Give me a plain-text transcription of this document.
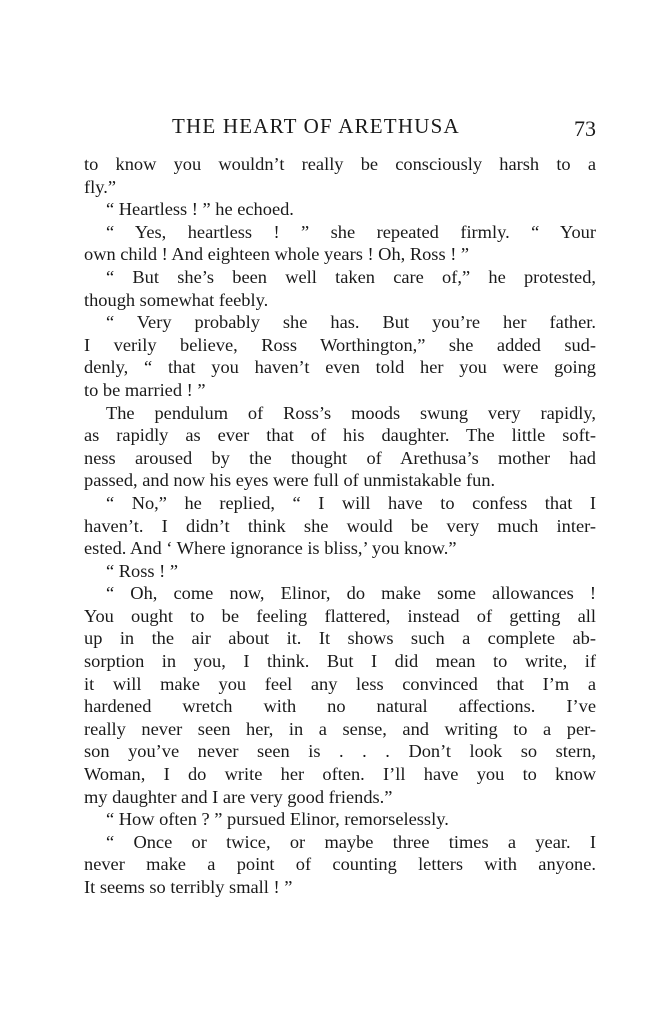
THE HEART OF ARETHUSA	73
to know you wouldn’t really be consciously harsh to a
fly.”
“ Heartless ! ” he echoed.
“ Yes, heartless ! ” she repeated firmly. “ Your
own child ! And eighteen whole years ! Oh, Ross ! ”
“ But she’s been well taken care of,” he protested,
though somewhat feebly.
“ Very probably she has. But you’re her father.
I verily believe, Ross Worthington,” she added sud-
denly, “ that you haven’t even told her you were going
to be married ! ”
The pendulum of Ross’s moods swung very rapidly,
as rapidly as ever that of his daughter. The little soft-
ness aroused by the thought of Arethusa’s mother had
passed, and now his eyes were full of unmistakable fun.
“ No,” he replied, “ I will have to confess that I
haven’t. I didn’t think she would be very much inter-
ested. And ‘ Where ignorance is bliss,’ you know.”
“ Ross ! ”
“ Oh, come now, Elinor, do make some allowances !
You ought to be feeling flattered, instead of getting all
up in the air about it. It shows such a complete ab-
sorption in you, I think. But I did mean to write, if
it will make you feel any less convinced that I’m a
hardened wretch with no natural affections. I’ve
really never seen her, in a sense, and writing to a per-
son you’ve never seen is . . . Don’t look so stern,
Woman, I do write her often. I’ll have you to know
my daughter and I are very good friends.”
“ How often ? ” pursued Elinor, remorselessly.
“ Once or twice, or maybe three times a year. I
never make a point of counting letters with anyone.
It seems so terribly small ! ”
